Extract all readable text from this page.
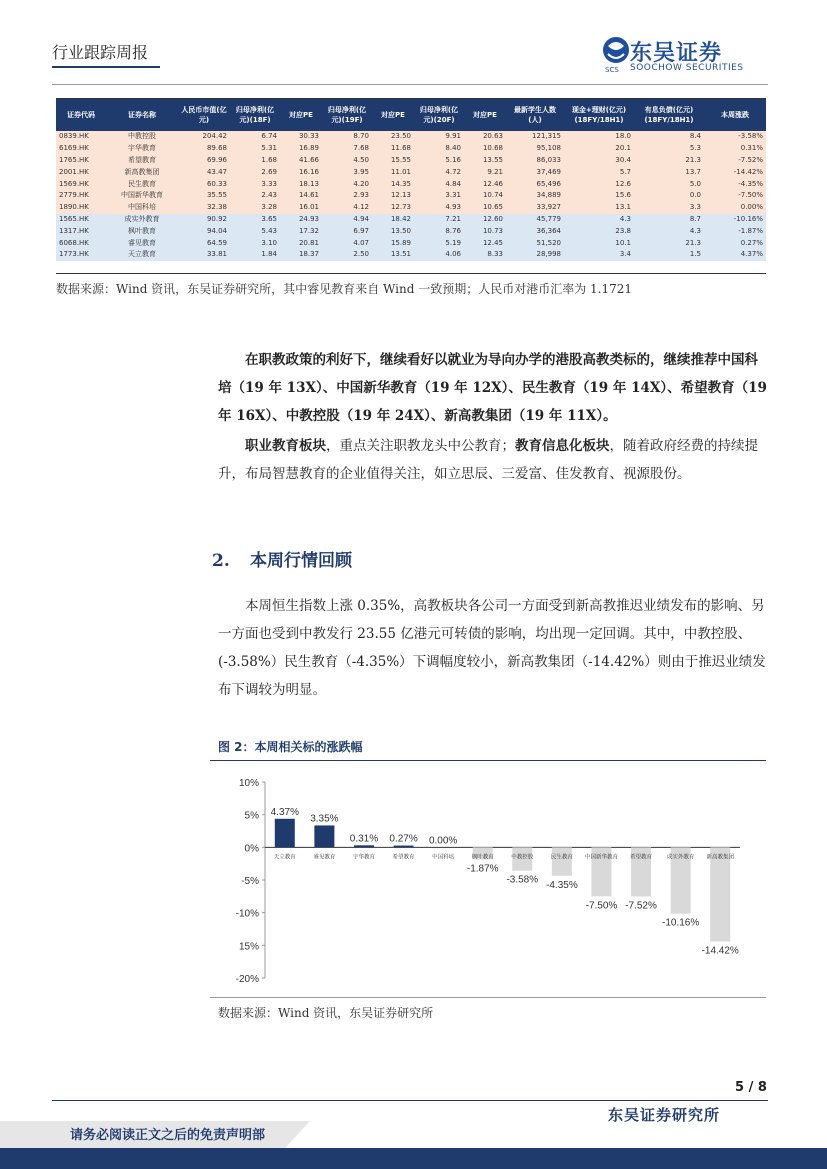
行业跟踪周报
SCS
东吴证券
SOOCHOW SECURITIES
证券代码	证券名称	人民币市值(亿元)	归母净利(亿元)(18F)	对应PE	归母净利(亿元)(19F)	对应PE	归母净利(亿元)(20F)	对应PE	最新学生人数(人)	现金+理财(亿元)(18FY/18H1)	有息负债(亿元)(18FY/18H1)	本周涨跌
0839.HK	中教控股	204.42	6.74	30.33	8.70	23.50	9.91	20.63	121,315	18.0	8.4	-3.58%
6169.HK	宇华教育	89.68	5.31	16.89	7.68	11.68	8.40	10.68	95,108	20.1	5.3	0.31%
1765.HK	希望教育	69.96	1.68	41.66	4.50	15.55	5.16	13.55	86,033	30.4	21.3	-7.52%
2001.HK	新高教集团	43.47	2.69	16.16	3.95	11.01	4.72	9.21	37,469	5.7	13.7	-14.42%
1569.HK	民生教育	60.33	3.33	18.13	4.20	14.35	4.84	12.46	65,496	12.6	5.0	-4.35%
2779.HK	中国新华教育	35.55	2.43	14.61	2.93	12.13	3.31	10.74	34,889	15.6	0.0	-7.50%
1890.HK	中国科培	32.38	3.28	16.01	4.12	12.73	4.93	10.65	33,927	13.1	3.3	0.00%
1565.HK	成实外教育	90.92	3.65	24.93	4.94	18.42	7.21	12.60	45,779	4.3	8.7	-10.16%
1317.HK	枫叶教育	94.04	5.43	17.32	6.97	13.50	8.76	10.73	36,364	23.8	4.3	-1.87%
6068.HK	睿见教育	64.59	3.10	20.81	4.07	15.89	5.19	12.45	51,520	10.1	21.3	0.27%
1773.HK	天立教育	33.81	1.84	18.37	2.50	13.51	4.06	8.33	28,998	3.4	1.5	4.37%
数据来源：Wind 资讯，东吴证券研究所，其中睿见教育来自 Wind 一致预期；人民币对港币汇率为 1.1721
在职教政策的利好下，继续看好以就业为导向办学的港股高教类标的，继续推荐中国科培（19 年 13X）、中国新华教育（19 年 12X）、民生教育（19 年 14X）、希望教育（19 年 16X）、中教控股（19 年 24X）、新高教集团（19 年 11X）。
职业教育板块，重点关注职教龙头中公教育；教育信息化板块，随着政府经费的持续提升，布局智慧教育的企业值得关注，如立思辰、三爱富、佳发教育、视源股份。
2. 本周行情回顾
本周恒生指数上涨 0.35%，高教板块各公司一方面受到新高教推迟业绩发布的影响、另一方面也受到中教发行 23.55 亿港元可转债的影响，均出现一定回调。其中，中教控股、(-3.58%）民生教育（-4.35%）下调幅度较小，新高教集团（-14.42%）则由于推迟业绩发布下调较为明显。
图 2：本周相关标的涨跌幅
10%
5%
0%
-5%
-10%
15%
-20%
天立教育
4.37%
睿见教育
3.35%
宇华教育
0.31%
希望教育
0.27%
中国科培
0.00%
枫叶教育
-1.87%
中教控股
-3.58%
民生教育
-4.35%
中国新华教育
-7.50%
希望教育
-7.52%
成实外教育
-10.16%
新高教集团
-14.42%
数据来源：Wind 资讯，东吴证券研究所
5 / 8
东吴证券研究所
请务必阅读正文之后的免责声明部
